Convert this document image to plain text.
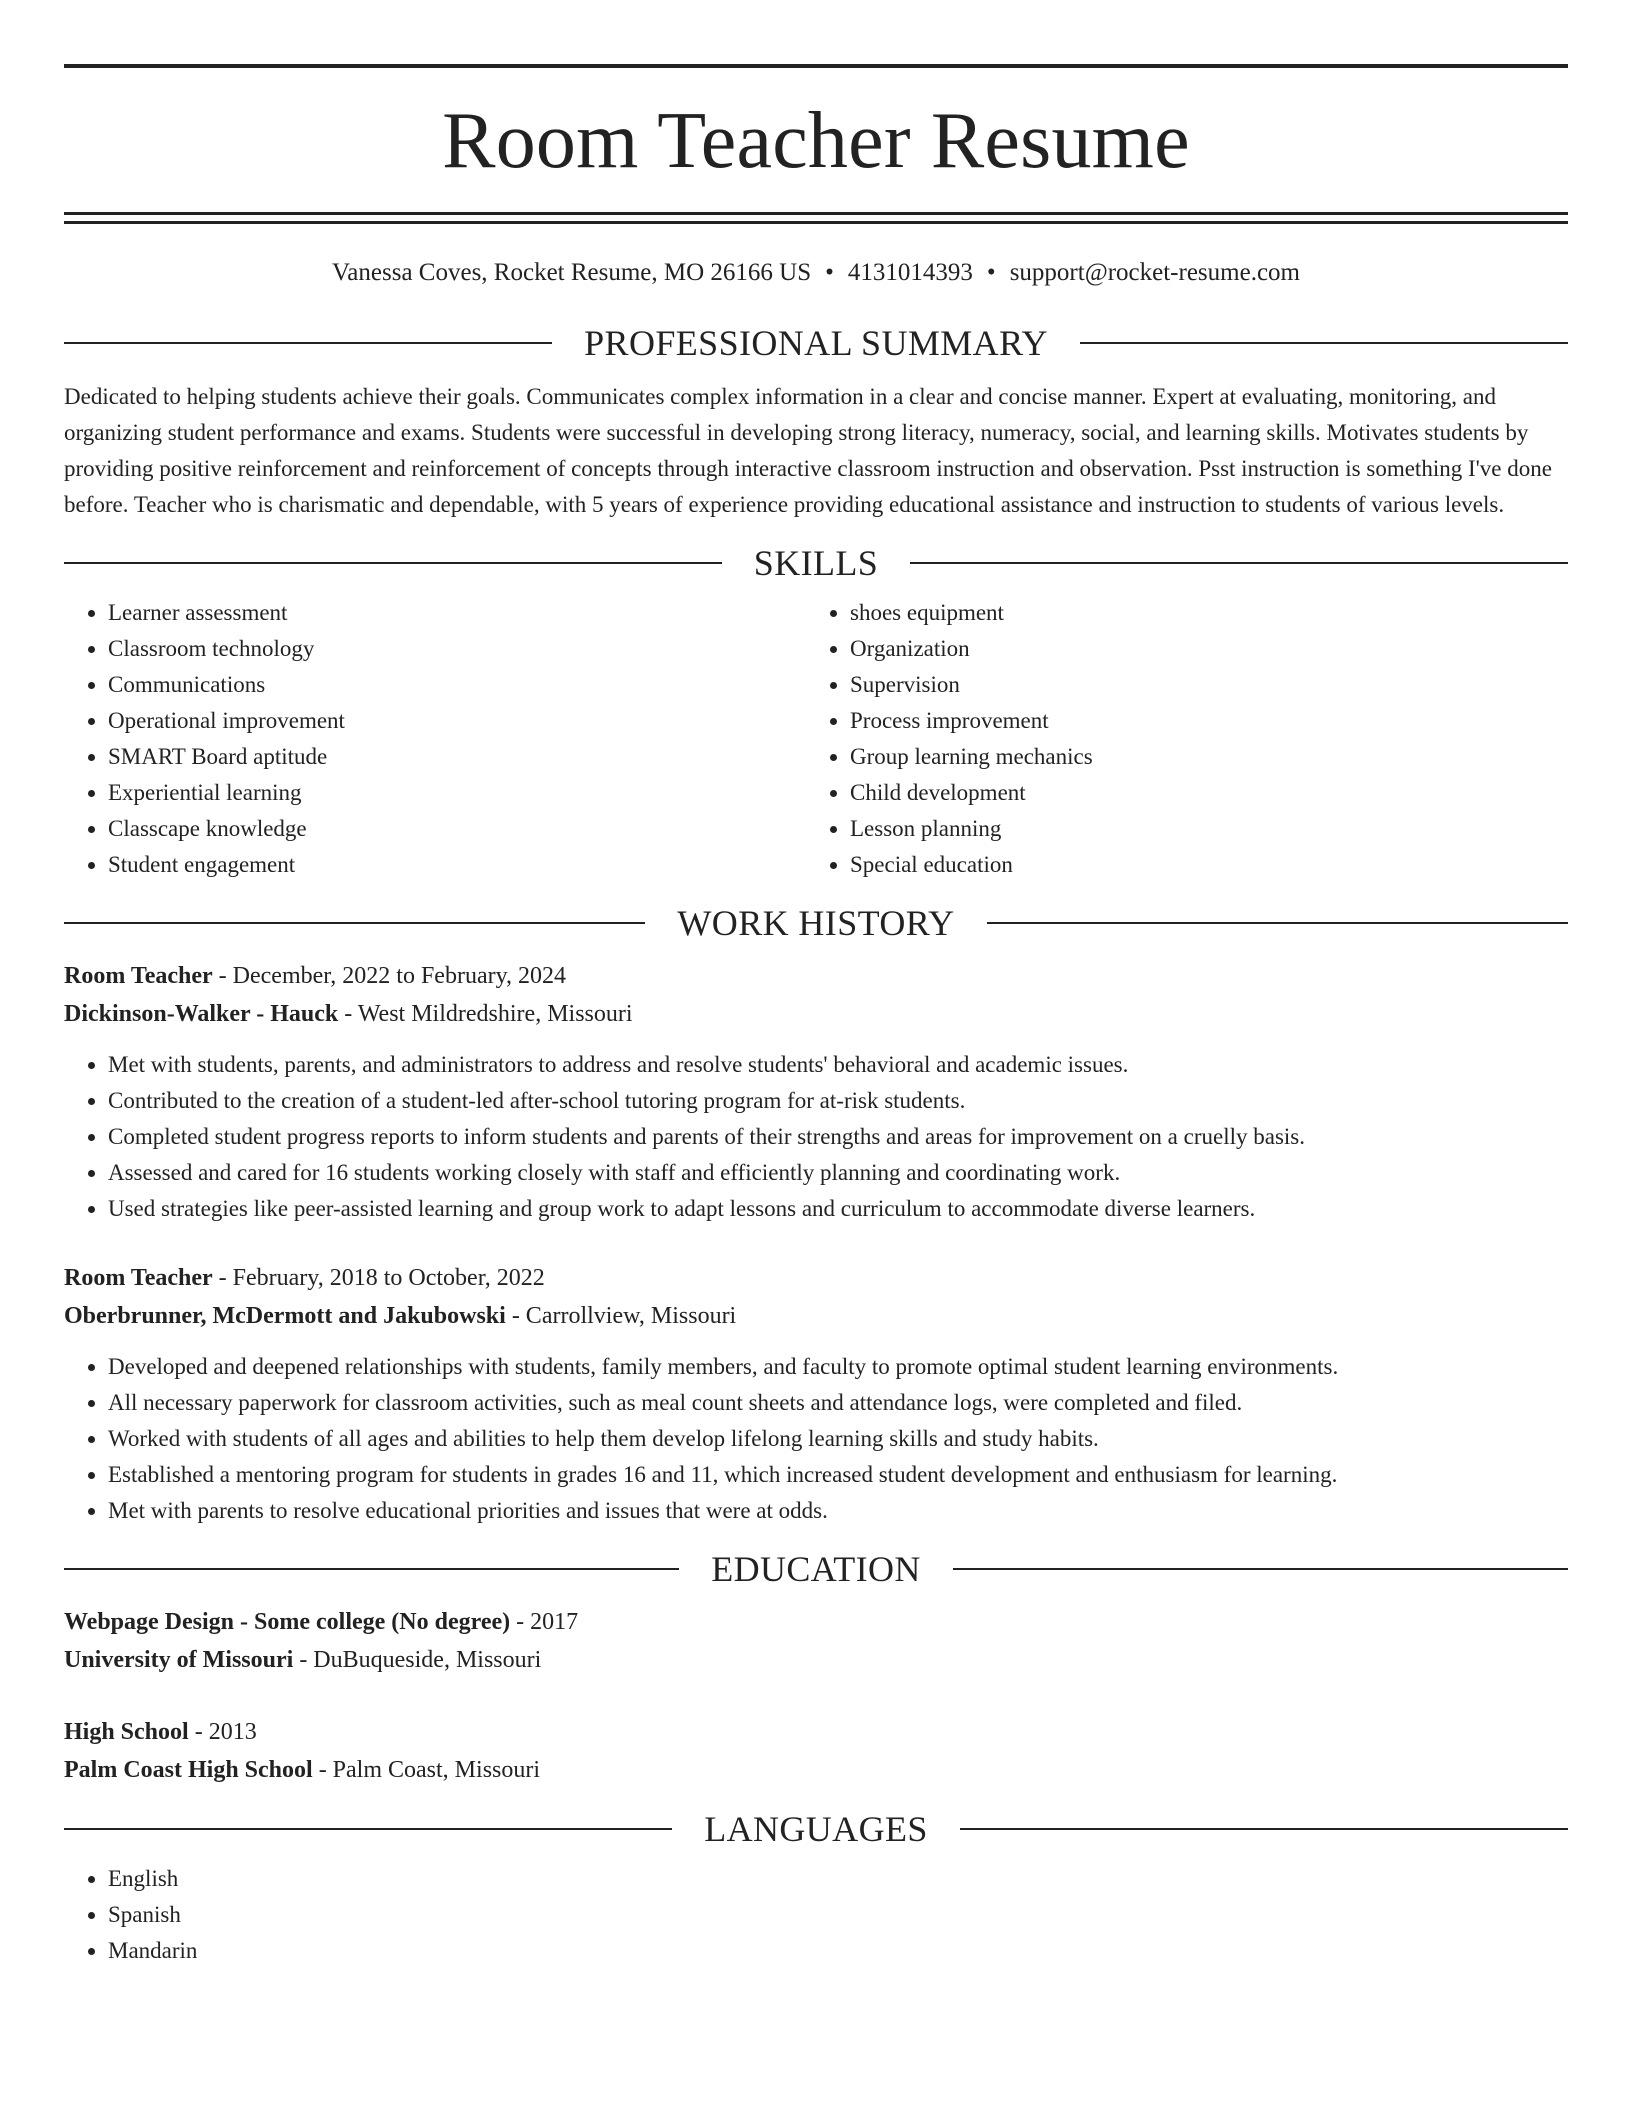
Room Teacher Resume
Vanessa Coves, Rocket Resume, MO 26166 US • 4131014393 • support@rocket-resume.com
PROFESSIONAL SUMMARY

Dedicated to helping students achieve their goals. Communicates complex information in a clear and concise manner. Expert at evaluating, monitoring, and organizing student performance and exams. Students were successful in developing strong literacy, numeracy, social, and learning skills. Motivates students by providing positive reinforcement and reinforcement of concepts through interactive classroom instruction and observation. Psst instruction is something I've done before. Teacher who is charismatic and dependable, with 5 years of experience providing educational assistance and instruction to students of various levels.

SKILLS
• Learner assessment
• Classroom technology
• Communications
• Operational improvement
• SMART Board aptitude
• Experiential learning
• Classcape knowledge
• Student engagement
• shoes equipment
• Organization
• Supervision
• Process improvement
• Group learning mechanics
• Child development
• Lesson planning
• Special education
WORK HISTORY
Room Teacher - December, 2022 to February, 2024
Dickinson-Walker - Hauck - West Mildredshire, Missouri
• Met with students, parents, and administrators to address and resolve students' behavioral and academic issues.
• Contributed to the creation of a student-led after-school tutoring program for at-risk students.
• Completed student progress reports to inform students and parents of their strengths and areas for improvement on a cruelly basis.
• Assessed and cared for 16 students working closely with staff and efficiently planning and coordinating work.
• Used strategies like peer-assisted learning and group work to adapt lessons and curriculum to accommodate diverse learners.
Room Teacher - February, 2018 to October, 2022
Oberbrunner, McDermott and Jakubowski - Carrollview, Missouri
• Developed and deepened relationships with students, family members, and faculty to promote optimal student learning environments.
• All necessary paperwork for classroom activities, such as meal count sheets and attendance logs, were completed and filed.
• Worked with students of all ages and abilities to help them develop lifelong learning skills and study habits.
• Established a mentoring program for students in grades 16 and 11, which increased student development and enthusiasm for learning.
• Met with parents to resolve educational priorities and issues that were at odds.
EDUCATION
Webpage Design - Some college (No degree) - 2017
University of Missouri - DuBuqueside, Missouri
High School - 2013
Palm Coast High School - Palm Coast, Missouri
LANGUAGES
• English
• Spanish
• Mandarin
